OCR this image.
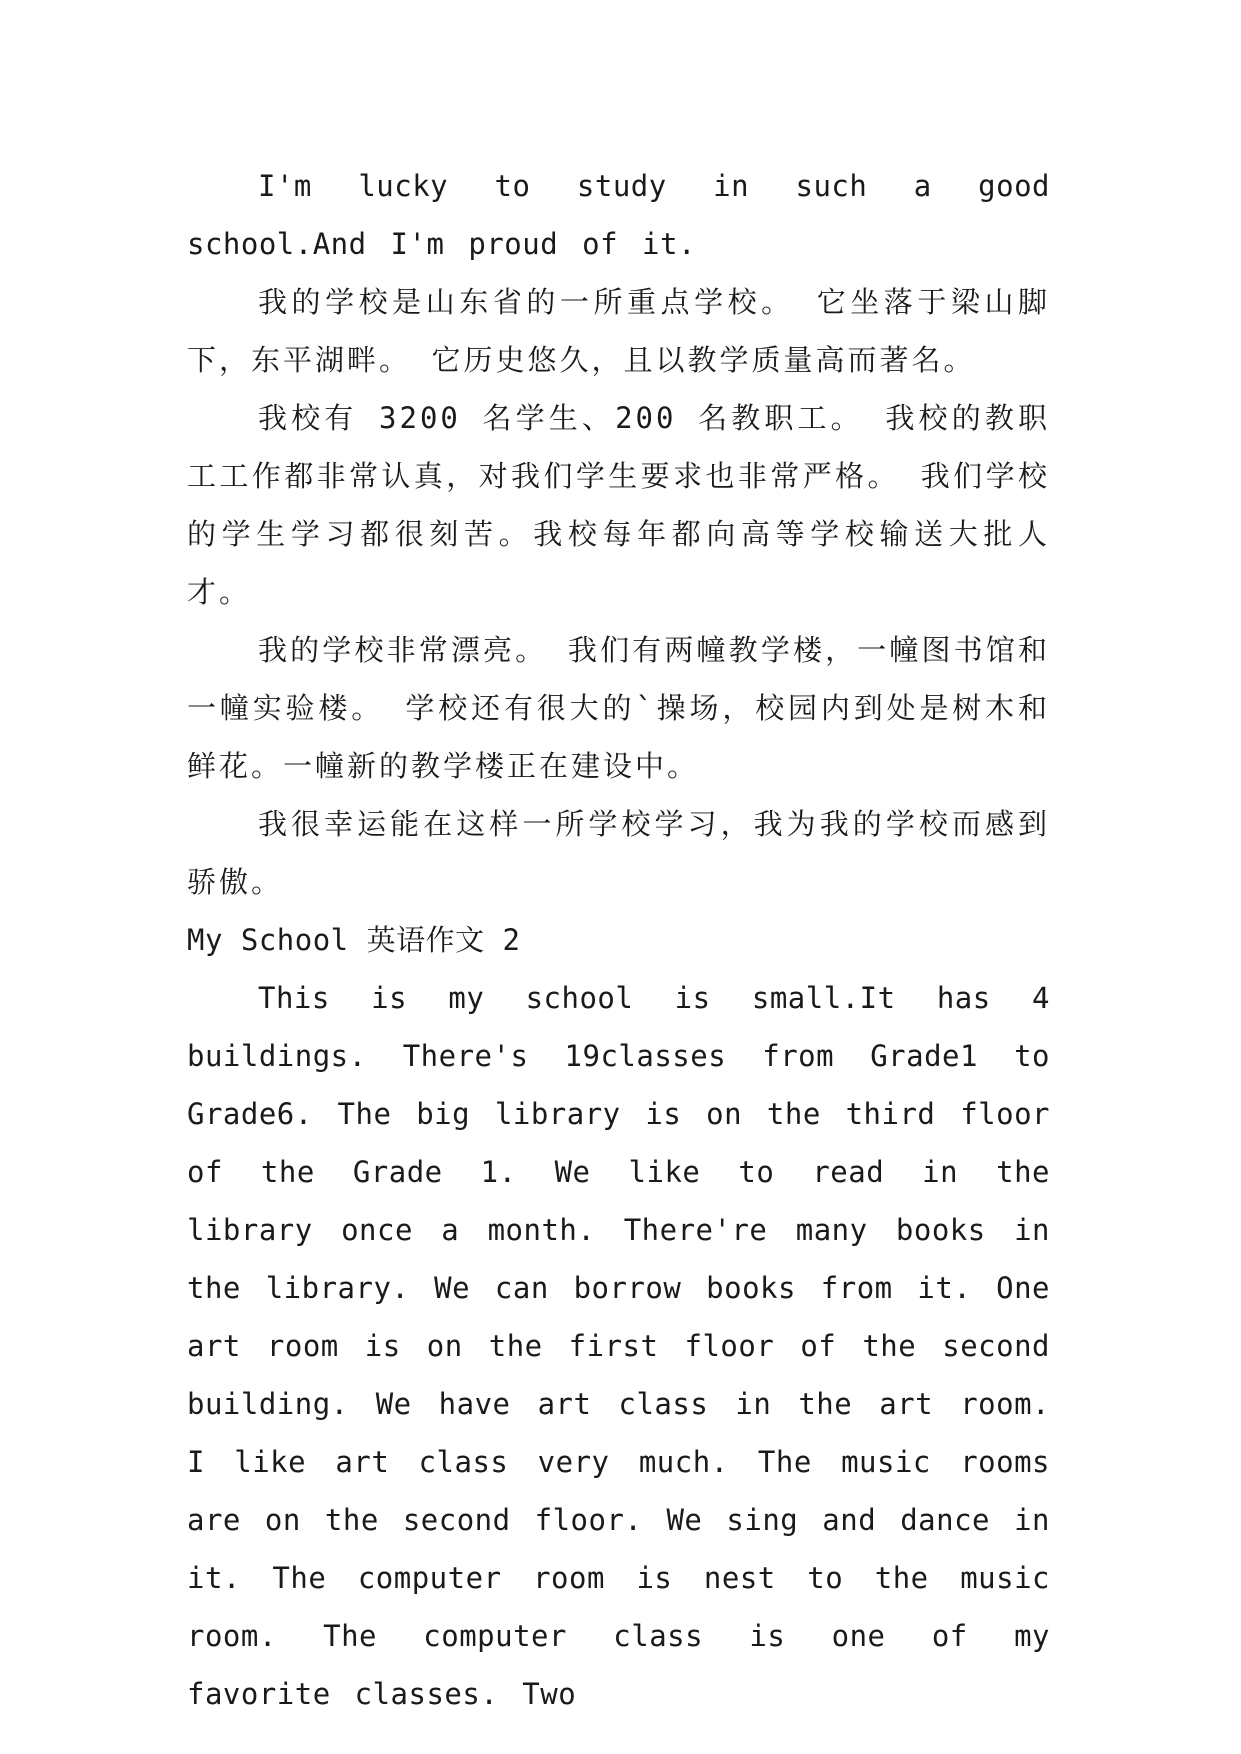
I'm lucky to study in such a good school.And I'm proud of it.

我的学校是山东省的一所重点学校。 它坐落于梁山脚下，东平湖畔。 它历史悠久，且以教学质量高而著名。

我校有 3200 名学生、200 名教职工。 我校的教职工工作都非常认真，对我们学生要求也非常严格。 我们学校的学生学习都很刻苦。我校每年都向高等学校输送大批人才。

我的学校非常漂亮。 我们有两幢教学楼，一幢图书馆和一幢实验楼。 学校还有很大的`操场，校园内到处是树木和鲜花。一幢新的教学楼正在建设中。

我很幸运能在这样一所学校学习，我为我的学校而感到骄傲。

My School 英语作文 2

This is my school is small.It has 4 buildings. There's 19classes from Grade1 to Grade6. The big library is on the third floor of the Grade 1. We like to read in the library once a month. There're many books in the library. We can borrow books from it. One art room is on the first floor of the second building. We have art class in the art room. I like art class very much. The music rooms are on the second floor. We sing and dance in it. The computer room is nest to the music room. The computer class is one of my favorite classes. Two
